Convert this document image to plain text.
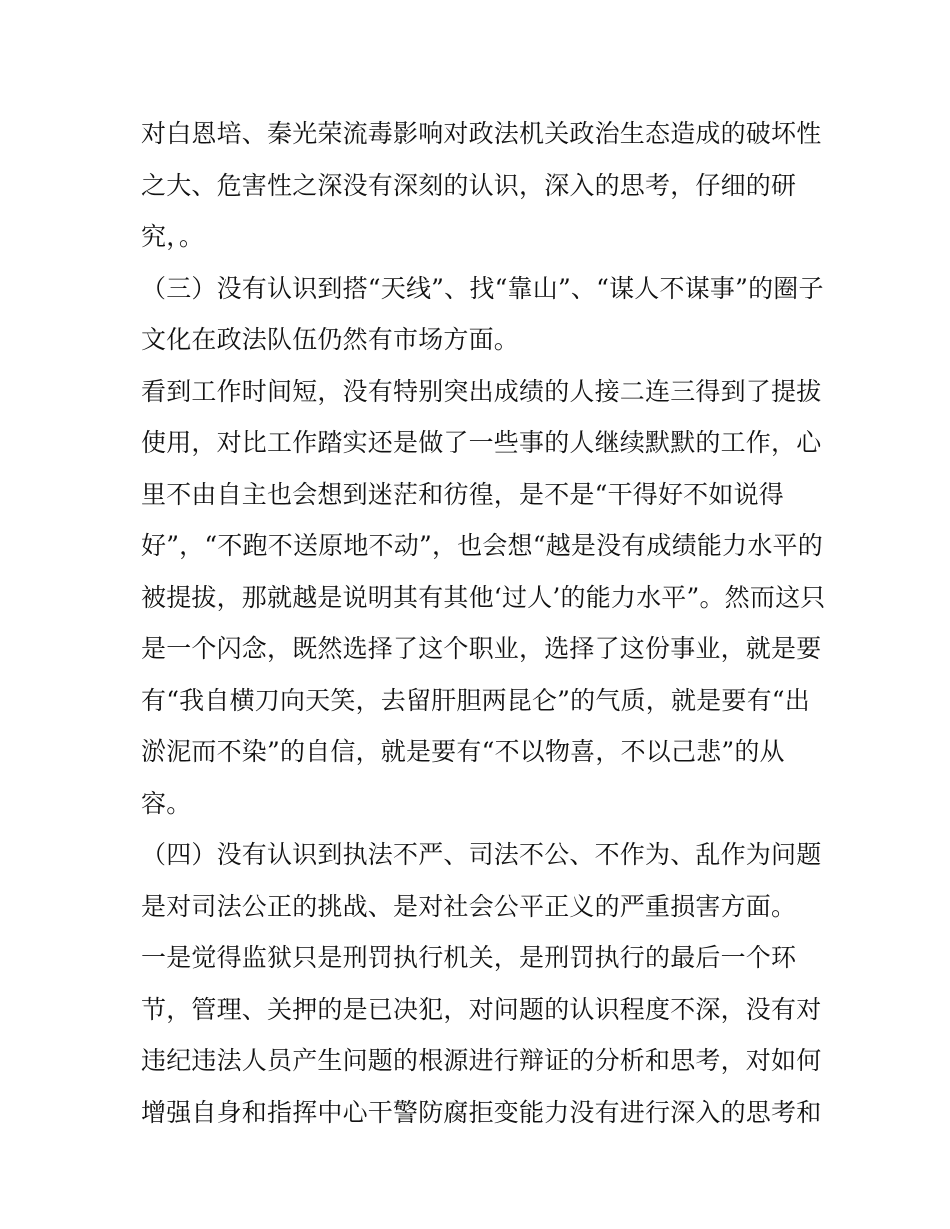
对白恩培、秦光荣流毒影响对政法机关政治生态造成的破坏性
之大、危害性之深没有深刻的认识，深入的思考，仔细的研
究，。
（三）没有认识到搭“天线”、找“靠山”、“谋人不谋事”的圈子
文化在政法队伍仍然有市场方面。
看到工作时间短，没有特别突出成绩的人接二连三得到了提拔
使用，对比工作踏实还是做了一些事的人继续默默的工作，心
里不由自主也会想到迷茫和彷徨，是不是“干得好不如说得
好”，“不跑不送原地不动”，也会想“越是没有成绩能力水平的
被提拔，那就越是说明其有其他‘过人’的能力水平”。然而这只
是一个闪念，既然选择了这个职业，选择了这份事业，就是要
有“我自横刀向天笑，去留肝胆两昆仑”的气质，就是要有“出
淤泥而不染”的自信，就是要有“不以物喜，不以己悲”的从
容。
（四）没有认识到执法不严、司法不公、不作为、乱作为问题
是对司法公正的挑战、是对社会公平正义的严重损害方面。
一是觉得监狱只是刑罚执行机关，是刑罚执行的最后一个环
节，管理、关押的是已决犯，对问题的认识程度不深，没有对
违纪违法人员产生问题的根源进行辩证的分析和思考，对如何
增强自身和指挥中心干警防腐拒变能力没有进行深入的思考和
